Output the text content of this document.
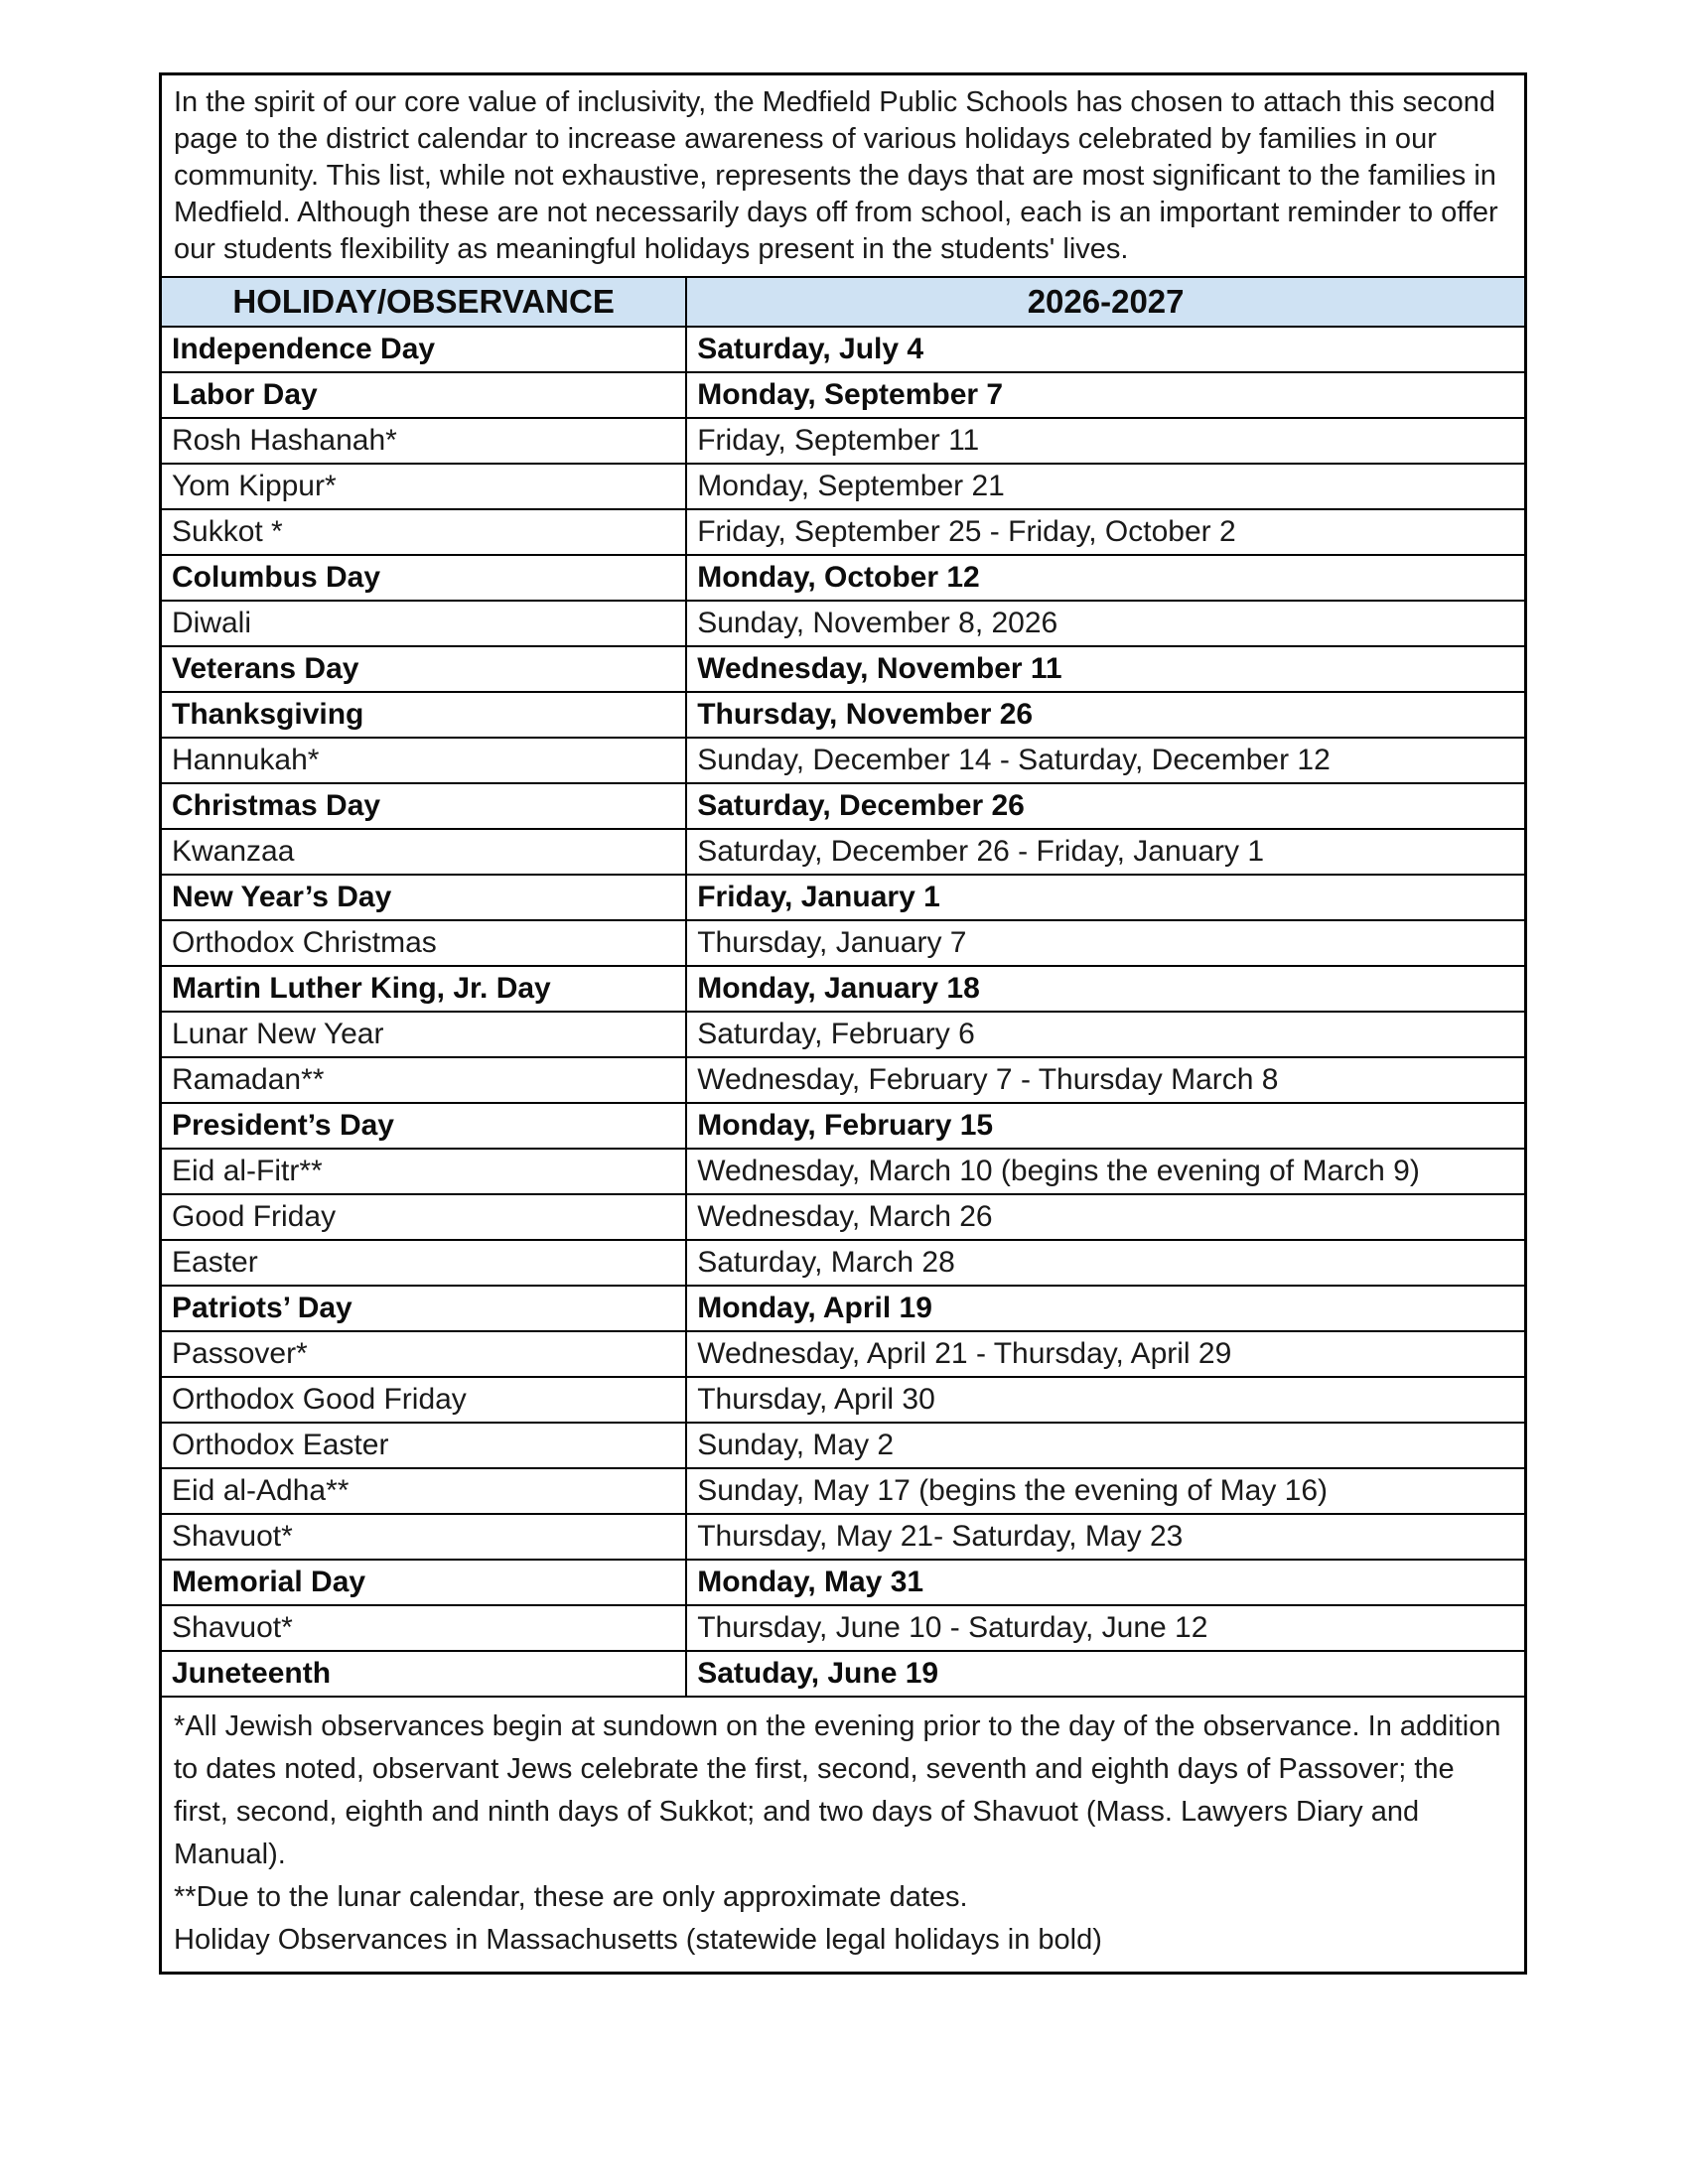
In the spirit of our core value of inclusivity, the Medfield Public Schools has chosen to attach this second page to the district calendar to increase awareness of various holidays celebrated by families in our community. This list, while not exhaustive, represents the days that are most significant to the families in Medfield. Although these are not necessarily days off from school, each is an important reminder to offer our students flexibility as meaningful holidays present in the students' lives.
HOLIDAY/OBSERVANCE	2026-2027
Independence Day	Saturday, July 4
Labor Day	Monday, September 7
Rosh Hashanah*	Friday, September 11
Yom Kippur*	Monday, September 21
Sukkot *	Friday, September 25 - Friday, October 2
Columbus Day	Monday, October 12
Diwali	Sunday, November 8, 2026
Veterans Day	Wednesday, November 11
Thanksgiving	Thursday, November 26
Hannukah*	Sunday, December 14 - Saturday, December 12
Christmas Day	Saturday, December 26
Kwanzaa	Saturday, December 26 - Friday, January 1
New Year’s Day	Friday, January 1
Orthodox Christmas	Thursday, January 7
Martin Luther King, Jr. Day	Monday, January 18
Lunar New Year	Saturday, February 6
Ramadan**	Wednesday, February 7 - Thursday March 8
President’s Day	Monday, February 15
Eid al-Fitr**	Wednesday, March 10 (begins the evening of March 9)
Good Friday	Wednesday, March 26
Easter	Saturday, March 28
Patriots’ Day	Monday, April 19
Passover*	Wednesday, April 21 - Thursday, April 29
Orthodox Good Friday	Thursday, April 30
Orthodox Easter	Sunday, May 2
Eid al-Adha**	Sunday, May 17 (begins the evening of May 16)
Shavuot*	Thursday, May 21- Saturday, May 23
Memorial Day	Monday, May 31
Shavuot*	Thursday, June 10 - Saturday, June 12
Juneteenth	Satuday, June 19

*All Jewish observances begin at sundown on the evening prior to the day of the observance. In addition to dates noted, observant Jews celebrate the first, second, seventh and eighth days of Passover; the first, second, eighth and ninth days of Sukkot; and two days of Shavuot (Mass. Lawyers Diary and Manual).

**Due to the lunar calendar, these are only approximate dates.

Holiday Observances in Massachusetts (statewide legal holidays in bold)
